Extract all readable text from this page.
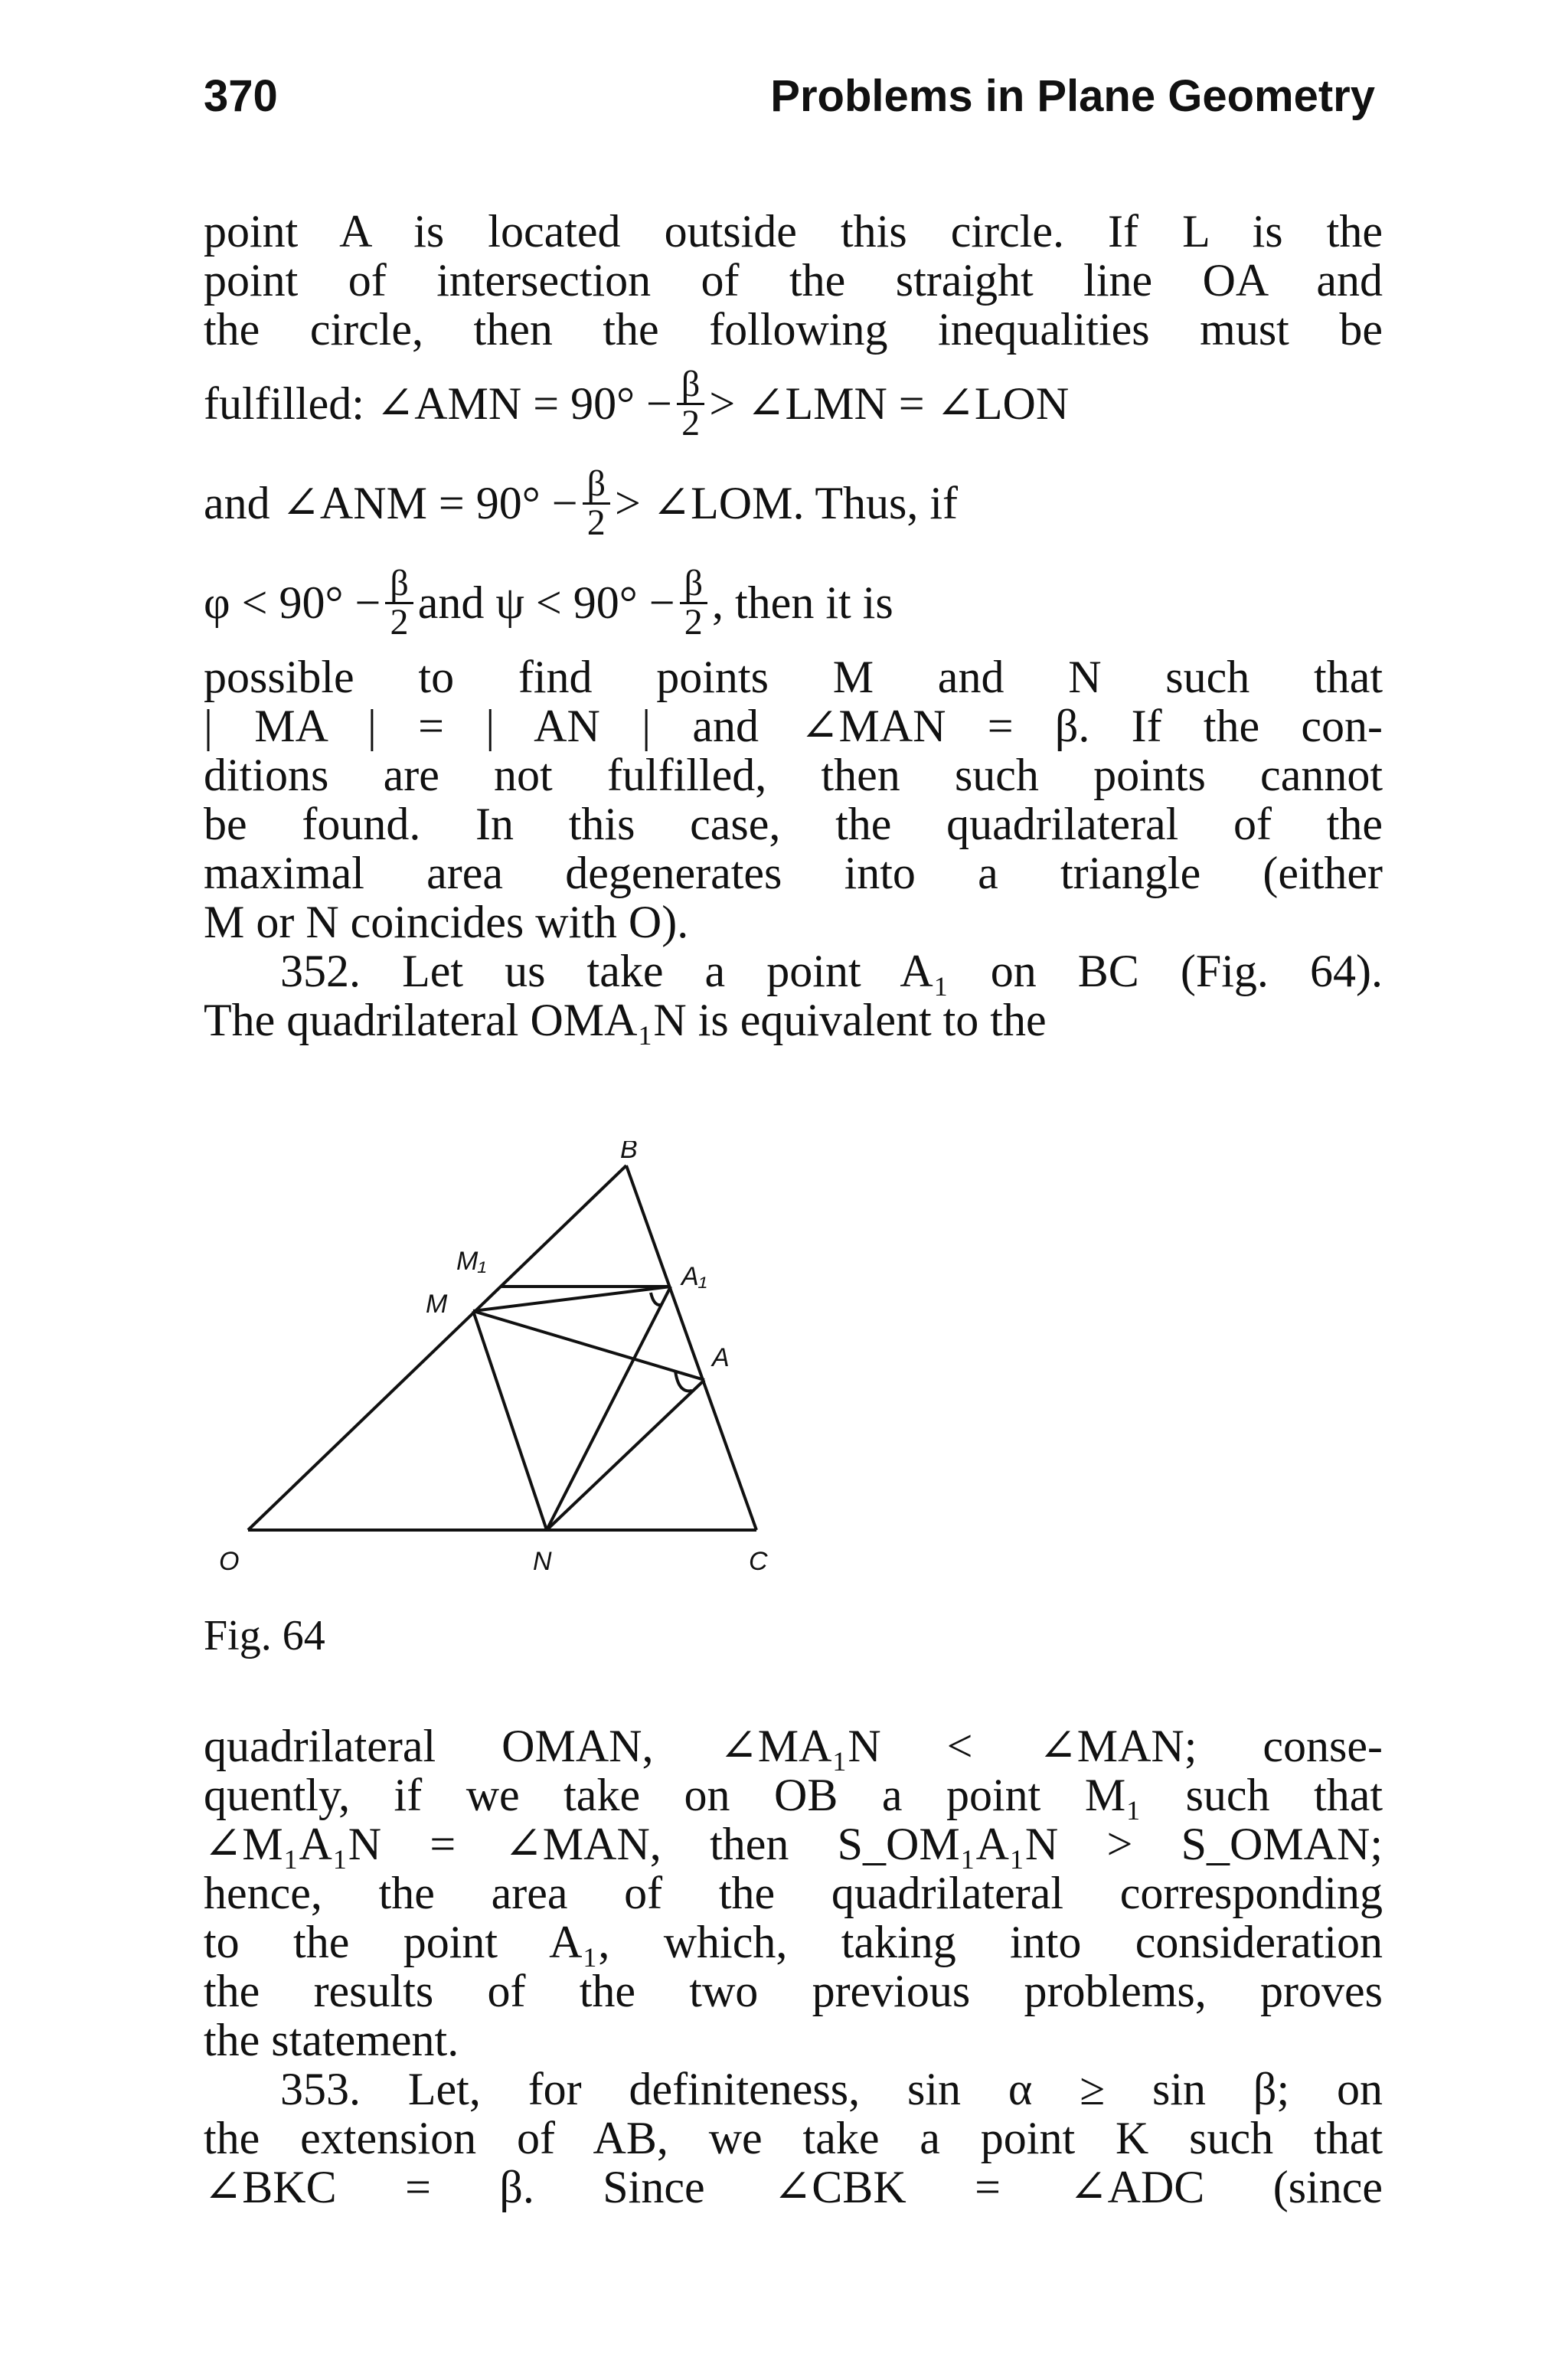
370	Problems in Plane Geometry
point A is located outside this circle. If L is the
point of intersection of the straight line OA and
the circle, then the following inequalities must be
fulfilled: ∠AMN = $90^\circ - \frac{\beta}{2}$ > ∠LMN = ∠LON
and ∠ANM = $90^\circ - \frac{\beta}{2}$ > ∠LOM. Thus, if
$\varphi < 90^\circ - \frac{\beta}{2}$ and $\psi < 90^\circ - \frac{\beta}{2}$ , then it is
possible to find points M and N such that
| MA | = | AN | and ∠MAN = β. If the con-
ditions are not fulfilled, then such points cannot
be found. In this case, the quadrilateral of the
maximal area degenerates into a triangle (either
M or N coincides with O).
352. Let us take a point A₁ on BC (Fig. 64).
The quadrilateral OMA₁N is equivalent to the
B
M₁
M
A₁
A
O	N	C
Fig. 64
quadrilateral OMAN, ∠MA₁N < ∠MAN; conse-
quently, if we take on OB a point M₁ such that
∠M₁A₁N = ∠MAN, then S_OM₁A₁N > S_OMAN;
hence, the area of the quadrilateral corresponding
to the point A₁, which, taking into consideration
the results of the two previous problems, proves
the statement.
353. Let, for definiteness, sin α ≥ sin β; on
the extension of AB, we take a point K such that
∠BKC = β. Since ∠CBK = ∠ADC (since
